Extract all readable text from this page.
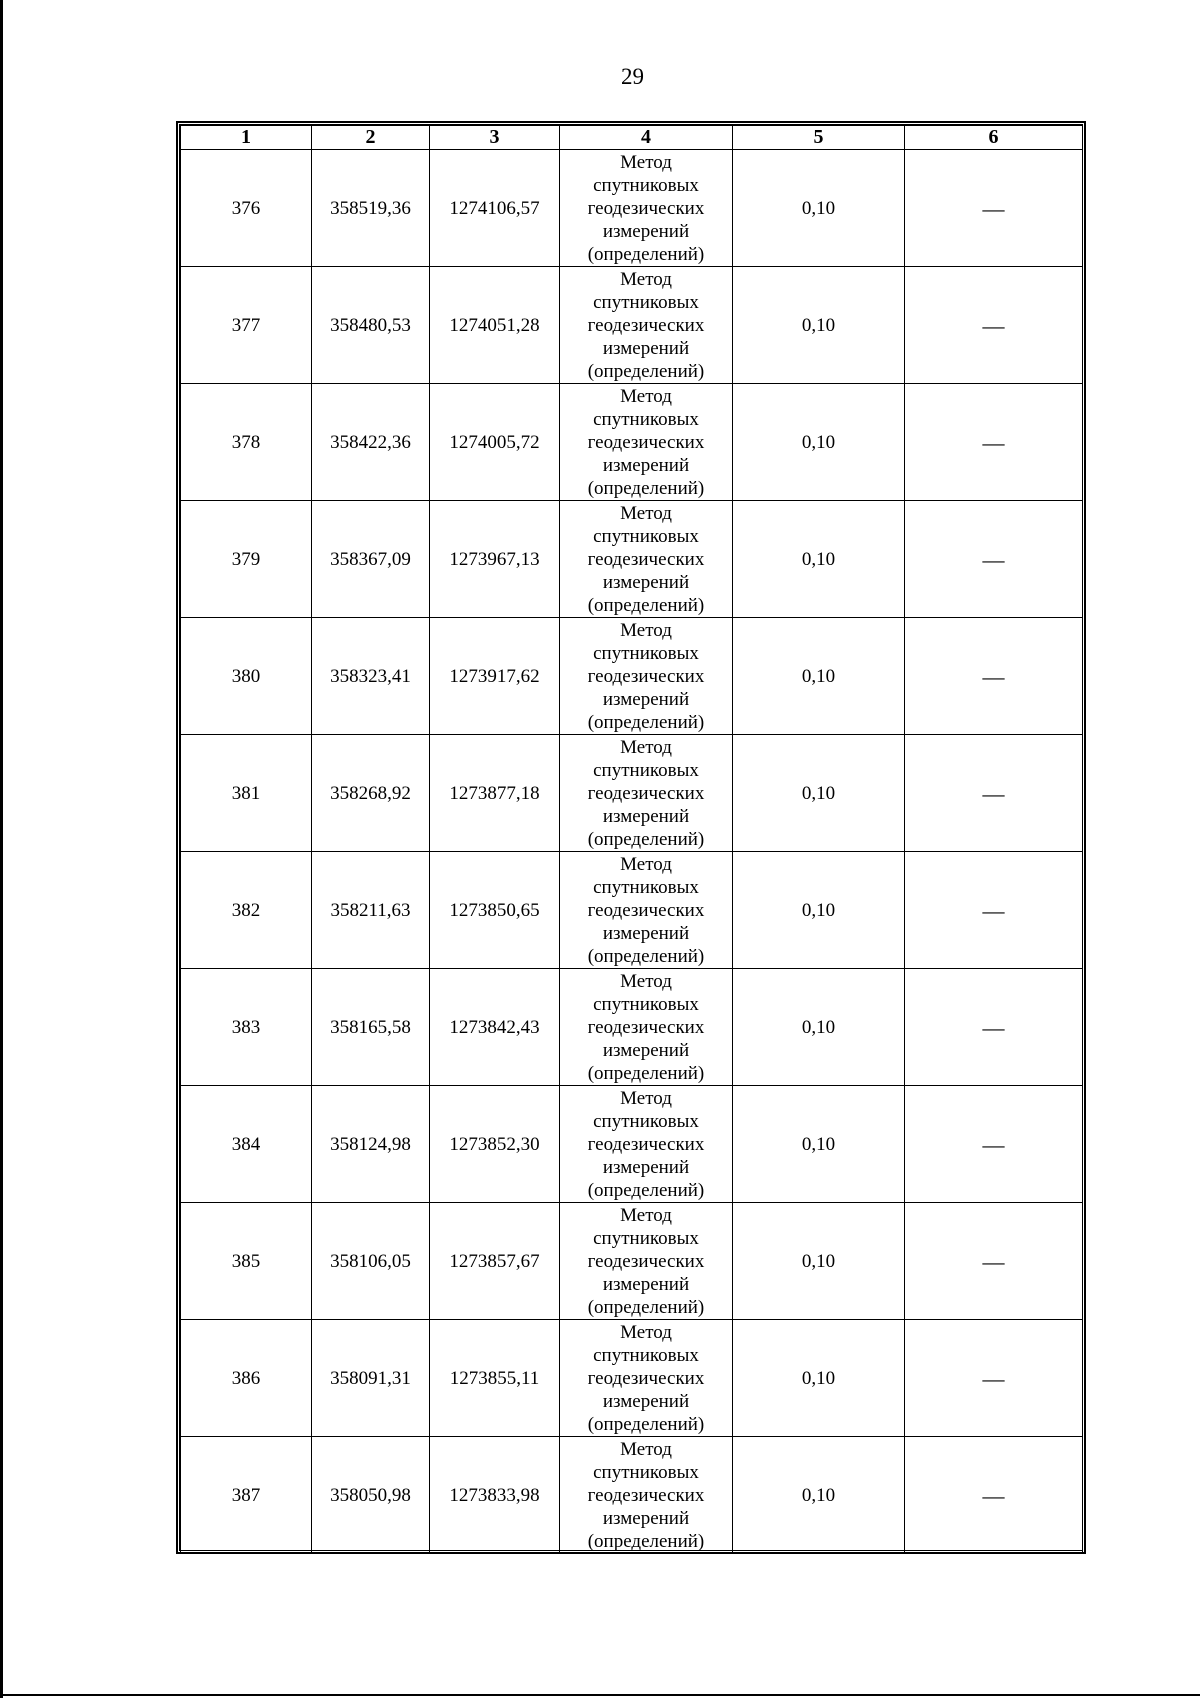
29
1	2	3	4	5	6
376	358519,36	1274106,57	Метод
спутниковых
геодезических
измерений
(определений)	0,10	—
377	358480,53	1274051,28	Метод
спутниковых
геодезических
измерений
(определений)	0,10	—
378	358422,36	1274005,72	Метод
спутниковых
геодезических
измерений
(определений)	0,10	—
379	358367,09	1273967,13	Метод
спутниковых
геодезических
измерений
(определений)	0,10	—
380	358323,41	1273917,62	Метод
спутниковых
геодезических
измерений
(определений)	0,10	—
381	358268,92	1273877,18	Метод
спутниковых
геодезических
измерений
(определений)	0,10	—
382	358211,63	1273850,65	Метод
спутниковых
геодезических
измерений
(определений)	0,10	—
383	358165,58	1273842,43	Метод
спутниковых
геодезических
измерений
(определений)	0,10	—
384	358124,98	1273852,30	Метод
спутниковых
геодезических
измерений
(определений)	0,10	—
385	358106,05	1273857,67	Метод
спутниковых
геодезических
измерений
(определений)	0,10	—
386	358091,31	1273855,11	Метод
спутниковых
геодезических
измерений
(определений)	0,10	—
387	358050,98	1273833,98	Метод
спутниковых
геодезических
измерений
(определений)	0,10	—
